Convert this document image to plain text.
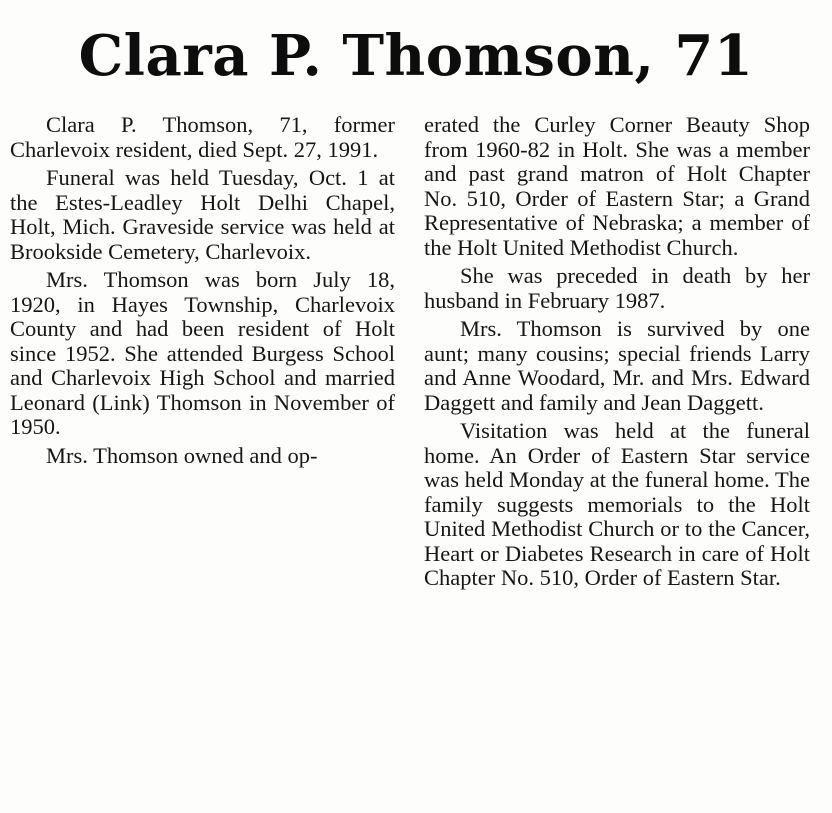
Clara P. Thomson, 71

Clara P. Thomson, 71, former Charlevoix resident, died Sept. 27, 1991.

Funeral was held Tuesday, Oct. 1 at the Estes-Leadley Holt Delhi Chapel, Holt, Mich. Graveside service was held at Brookside Cemetery, Charlevoix.

Mrs. Thomson was born July 18, 1920, in Hayes Township, Charlevoix County and had been resident of Holt since 1952. She attended Burgess School and Charlevoix High School and married Leonard (Link) Thomson in November of 1950.

Mrs. Thomson owned and op-

erated the Curley Corner Beauty Shop from 1960-82 in Holt. She was a member and past grand matron of Holt Chapter No. 510, Order of Eastern Star; a Grand Representative of Nebraska; a member of the Holt United Methodist Church.

She was preceded in death by her husband in February 1987.

Mrs. Thomson is survived by one aunt; many cousins; special friends Larry and Anne Woodard, Mr. and Mrs. Edward Daggett and family and Jean Daggett.

Visitation was held at the funeral home. An Order of Eastern Star service was held Monday at the funeral home. The family suggests memorials to the Holt United Methodist Church or to the Cancer, Heart or Diabetes Research in care of Holt Chapter No. 510, Order of Eastern Star.
